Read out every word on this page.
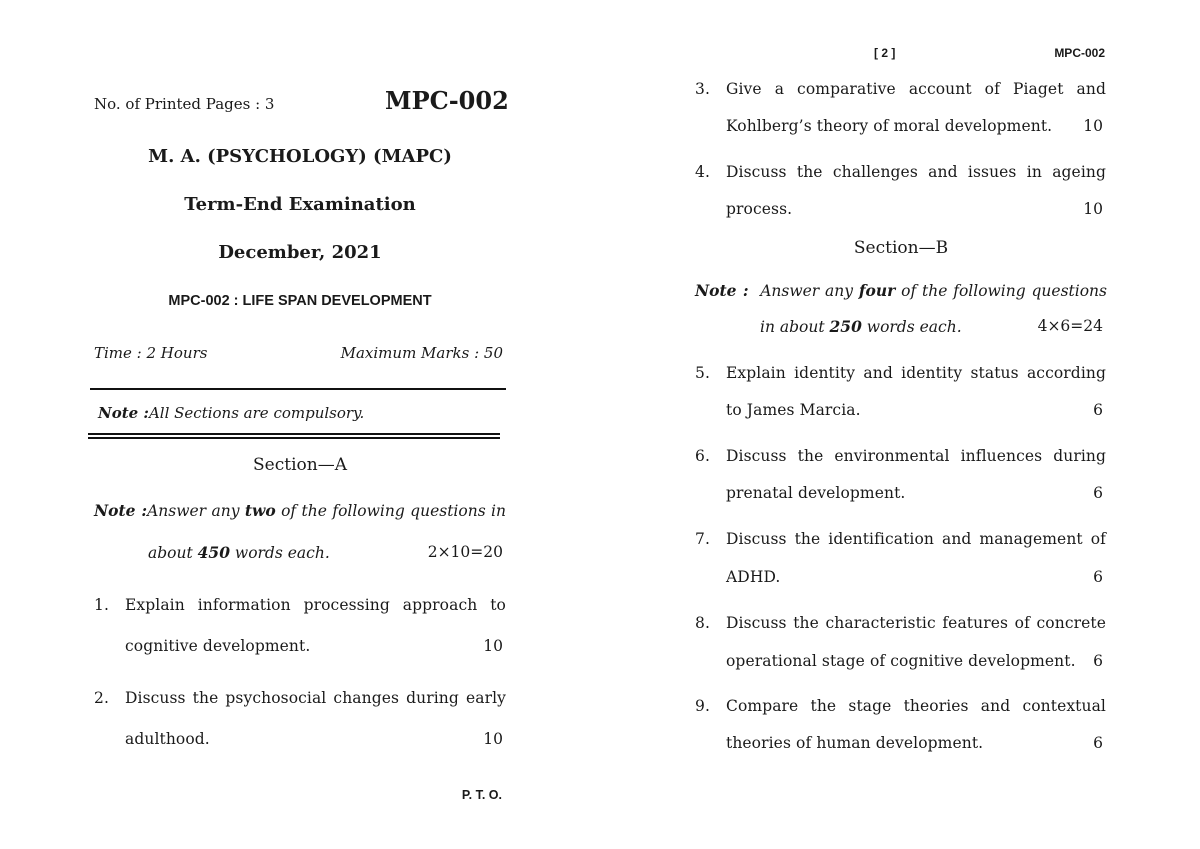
No. of Printed Pages : 3	MPC-002
M. A. (PSYCHOLOGY) (MAPC)
Term-End Examination
December, 2021
MPC-002 : LIFE SPAN DEVELOPMENT
Time : 2 Hours	Maximum Marks : 50
Note :All Sections are compulsory.
Section—A
Note :Answer any two of the following questions in
about 450 words each.	2×10=20
1. Explain information processing approach to
cognitive development.	10
2. Discuss the psychosocial changes during early
adulthood.	10
P. T. O.
[ 2 ]	MPC-002
3. Give a comparative account of Piaget and
Kohlberg’s theory of moral development.	10
4. Discuss the challenges and issues in ageing
process.	10
Section—B
Note : Answer any four of the following questions
in about 250 words each.	4×6=24
5. Explain identity and identity status according
to James Marcia.	6
6. Discuss the environmental influences during
prenatal development.	6
7. Discuss the identification and management of
ADHD.	6
8. Discuss the characteristic features of concrete
operational stage of cognitive development.	6
9. Compare the stage theories and contextual
theories of human development.	6
